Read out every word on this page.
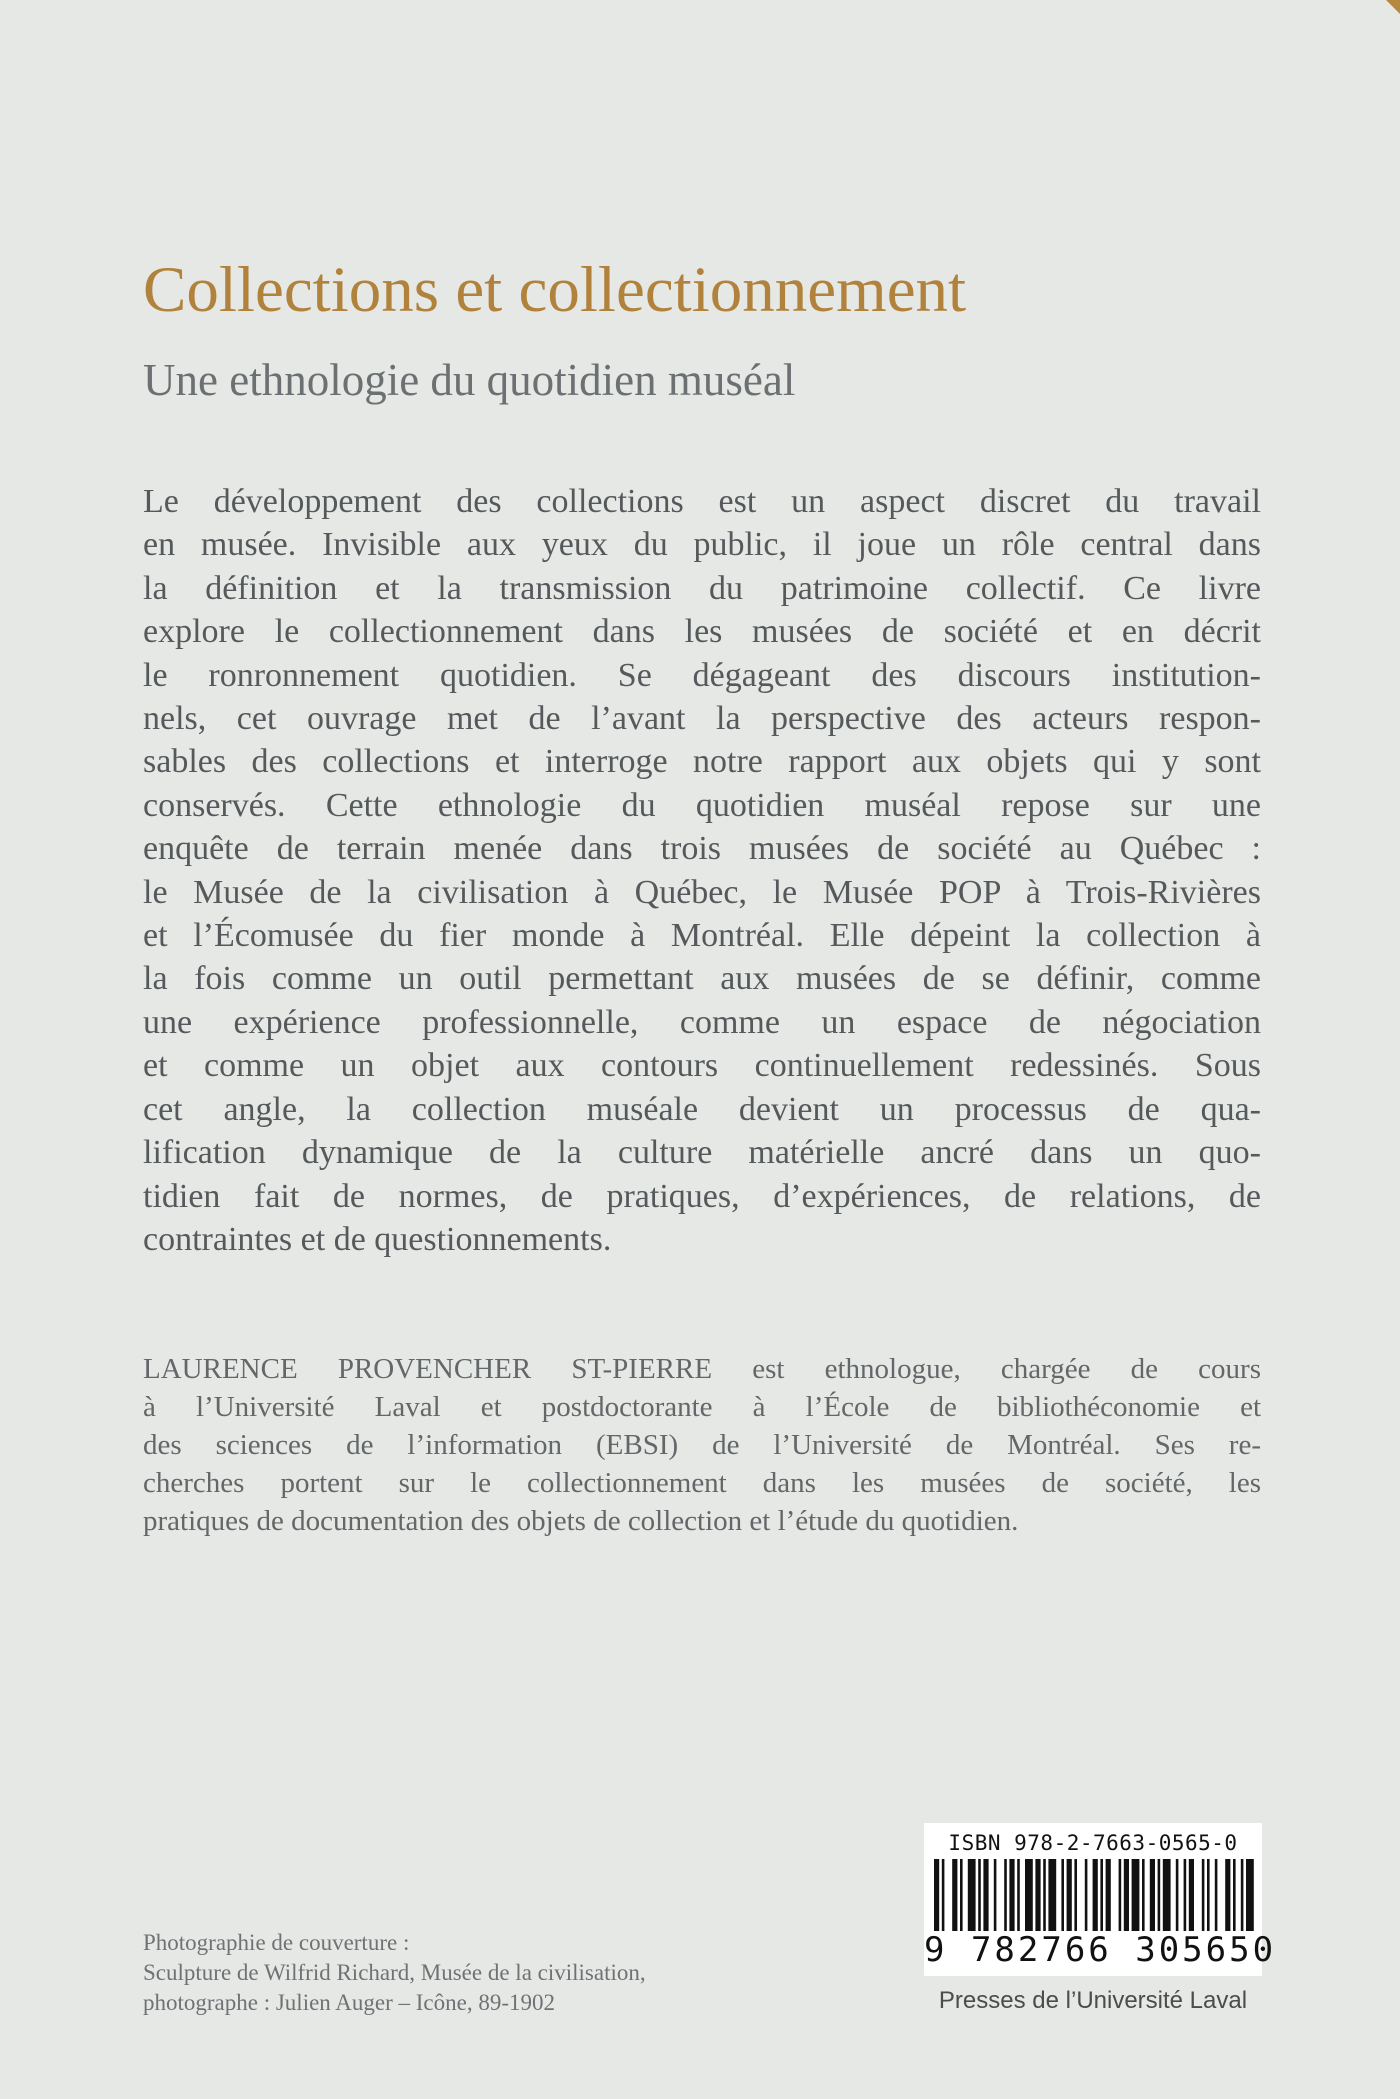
Collections et collectionnement
Une ethnologie du quotidien muséal

Le développement des collections est un aspect discret du travail
en musée. Invisible aux yeux du public, il joue un rôle central dans
la définition et la transmission du patrimoine collectif. Ce livre
explore le collectionnement dans les musées de société et en décrit
le ronronnement quotidien. Se dégageant des discours institution-
nels, cet ouvrage met de l’avant la perspective des acteurs respon-
sables des collections et interroge notre rapport aux objets qui y sont
conservés. Cette ethnologie du quotidien muséal repose sur une
enquête de terrain menée dans trois musées de société au Québec :
le Musée de la civilisation à Québec, le Musée POP à Trois-Rivières
et l’Écomusée du fier monde à Montréal. Elle dépeint la collection à
la fois comme un outil permettant aux musées de se définir, comme
une expérience professionnelle, comme un espace de négociation
et comme un objet aux contours continuellement redessinés. Sous
cet angle, la collection muséale devient un processus de qua-
lification dynamique de la culture matérielle ancré dans un quo-
tidien fait de normes, de pratiques, d’expériences, de relations, de
contraintes et de questionnements.

LAURENCE PROVENCHER ST-PIERRE est ethnologue, chargée de cours
à l’Université Laval et postdoctorante à l’École de bibliothéconomie et
des sciences de l’information (EBSI) de l’Université de Montréal. Ses re-
cherches portent sur le collectionnement dans les musées de société, les
pratiques de documentation des objets de collection et l’étude du quotidien.

Photographie de couverture :
Sculpture de Wilfrid Richard, Musée de la civilisation,
photographe : Julien Auger – Icône, 89-1902

ISBN 978-2-7663-0565-0
9 782766 305650

Presses de l’Université Laval
